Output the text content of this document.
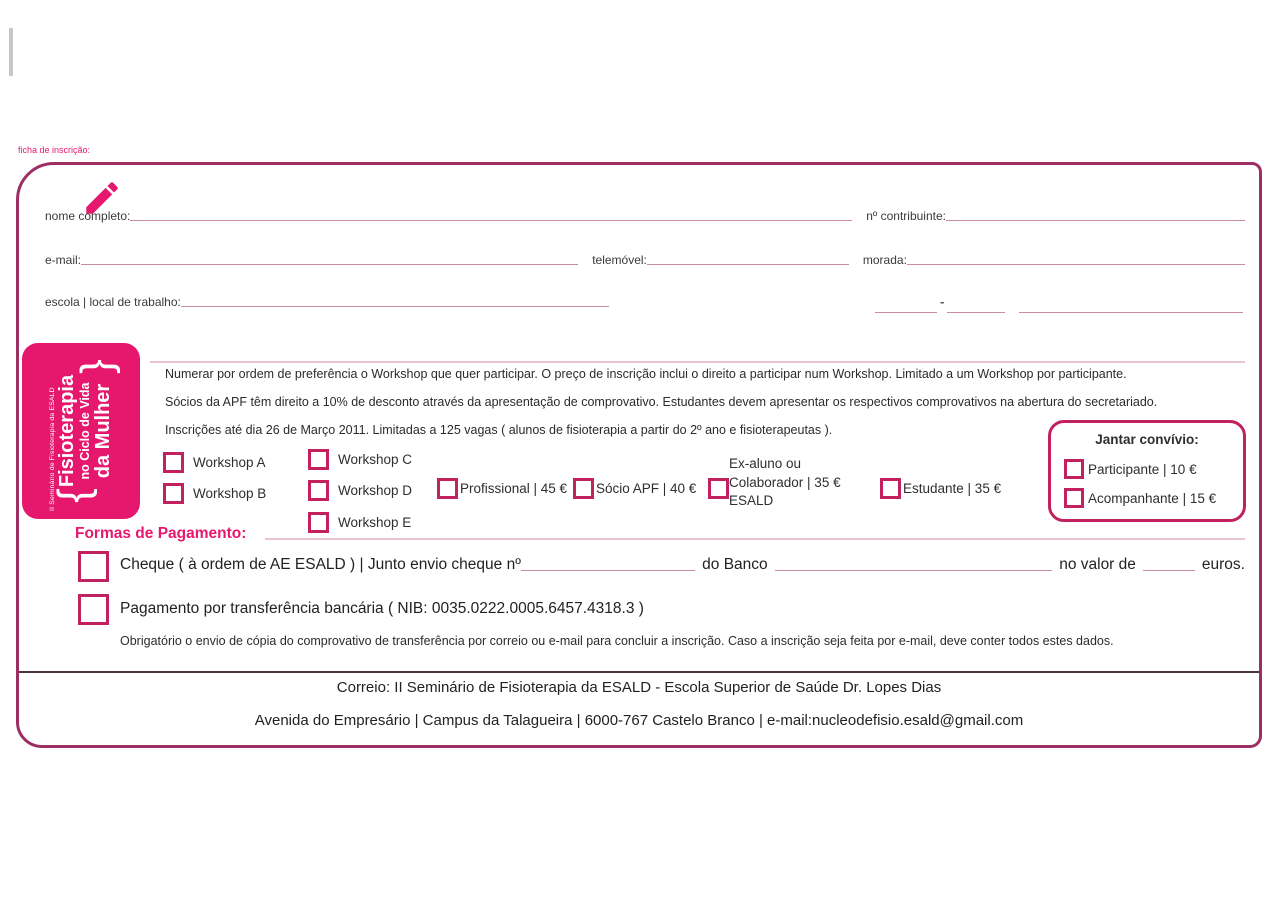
ficha de inscrição:
nome completo:	nº contribuinte:
e-mail:	telemóvel:	morada:
escola | local de trabalho:	-
II Seminário de Fisioterapia da ESALD
{
Fisioterapia no Ciclo de Vida da Mulher
}

Numerar por ordem de preferência o Workshop que quer participar. O preço de inscrição inclui o direito a participar num Workshop. Limitado a um Workshop por participante.

Sócios da APF têm direito a 10% de desconto através da apresentação de comprovativo. Estudantes devem apresentar os respectivos comprovativos na abertura do secretariado.

Inscrições até dia 26 de Março 2011. Limitadas a 125 vagas ( alunos de fisioterapia a partir do 2º ano e fisioterapeutas ).

Workshop A
Workshop B
Workshop C
Workshop D
Workshop E
Profissional | 45 € Sócio APF | 40 €
Ex-aluno ou
Colaborador | 35 €
ESALD
Estudante | 35 €
Jantar convívio:
Participante | 10 €
Acompanhante | 15 €
Formas de Pagamento:
Cheque ( à ordem de AE ESALD ) | Junto envio cheque nº	do Banco	no valor de	euros.
Pagamento por transferência bancária ( NIB: 0035.0222.0005.6457.4318.3 )
Obrigatório o envio de cópia do comprovativo de transferência por correio ou e-mail para concluir a inscrição. Caso a inscrição seja feita por e-mail, deve conter todos estes dados.
Correio: II Seminário de Fisioterapia da ESALD - Escola Superior de Saúde Dr. Lopes Dias
Avenida do Empresário | Campus da Talagueira | 6000-767 Castelo Branco | e-mail:nucleodefisio.esald@gmail.com
